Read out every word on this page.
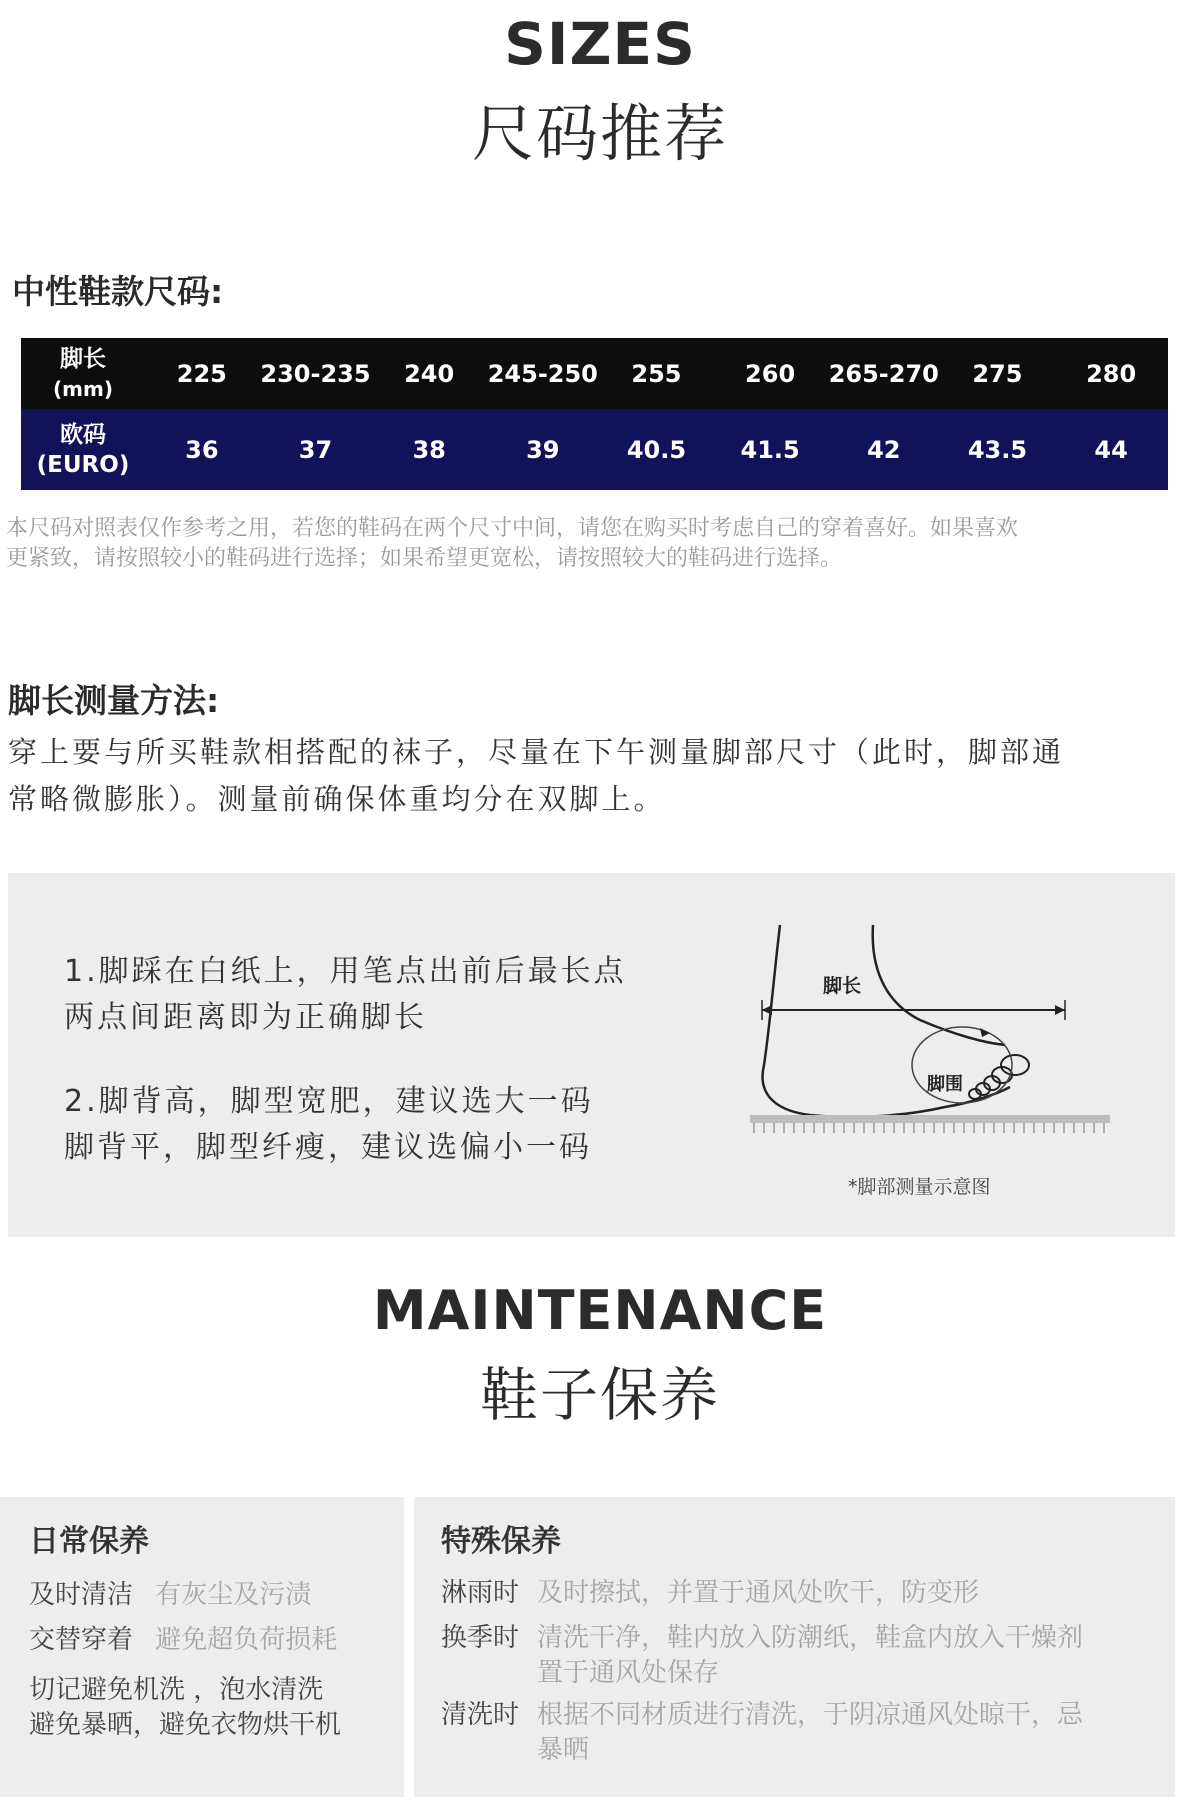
SIZES
尺码推荐
中性鞋款尺码:
脚长
(mm)	225	230-235	240	245-250	255	260	265-270	275	280

欧码
(EURO)	36	37	38	39	40.5	41.5	42	43.5	44
本尺码对照表仅作参考之用，若您的鞋码在两个尺寸中间，请您在购买时考虑自己的穿着喜好。如果喜欢
更紧致，请按照较小的鞋码进行选择；如果希望更宽松，请按照较大的鞋码进行选择。
脚长测量方法:
穿上要与所买鞋款相搭配的袜子，尽量在下午测量脚部尺寸（此时，脚部通
常略微膨胀）。测量前确保体重均分在双脚上。
1.脚踩在白纸上，用笔点出前后最长点
两点间距离即为正确脚长
2.脚背高，脚型宽肥，建议选大一码
脚背平，脚型纤瘦，建议选偏小一码
脚长
脚围
*脚部测量示意图
MAINTENANCE
鞋子保养
日常保养
及时清洁 有灰尘及污渍
交替穿着 避免超负荷损耗
切记避免机洗 ，泡水清洗
避免暴晒，避免衣物烘干机
特殊保养
淋雨时 及时擦拭，并置于通风处吹干，防变形
换季时 清洗干净，鞋内放入防潮纸，鞋盒内放入干燥剂
置于通风处保存
清洗时 根据不同材质进行清洗，于阴凉通风处晾干，忌
暴晒
